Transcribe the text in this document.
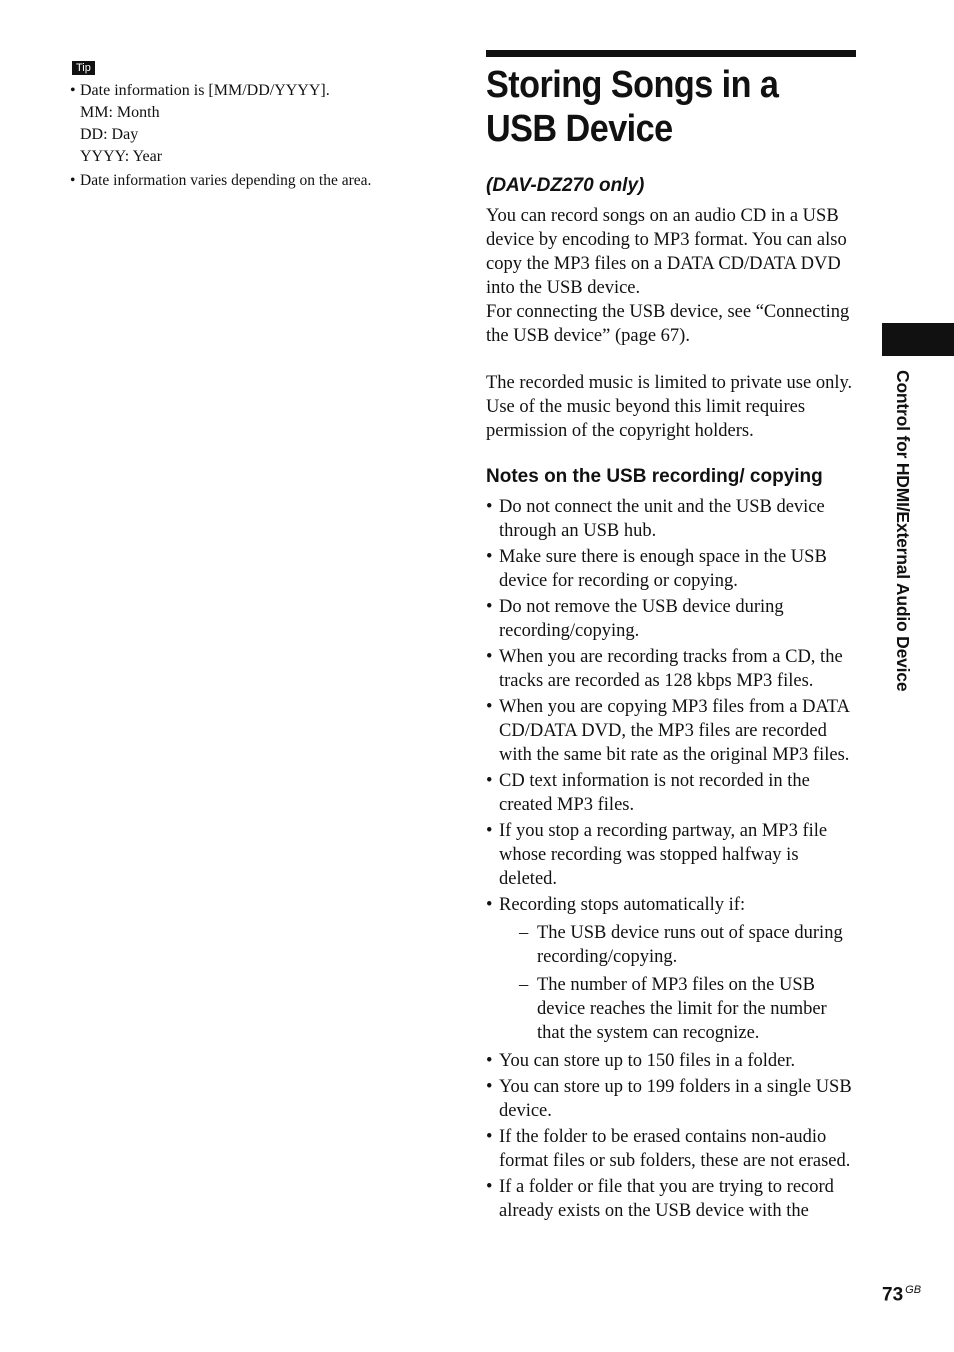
Tip
• Date information is [MM/DD/YYYY].
MM: Month
DD: Day
YYYY: Year
• Date information varies depending on the area.
Storing Songs in a USB Device
(DAV-DZ270 only)

You can record songs on an audio CD in a USB device by encoding to MP3 format. You can also copy the MP3 files on a DATA CD/DATA DVD into the USB device.

For connecting the USB device, see “Connecting the USB device” (page 67).

The recorded music is limited to private use only. Use of the music beyond this limit requires permission of the copyright holders.

Notes on the USB recording/ copying
• Do not connect the unit and the USB device through an USB hub.
• Make sure there is enough space in the USB device for recording or copying.
• Do not remove the USB device during recording/copying.
• When you are recording tracks from a CD, the tracks are recorded as 128 kbps MP3 files.
• When you are copying MP3 files from a DATA CD/DATA DVD, the MP3 files are recorded with the same bit rate as the original MP3 files.
• CD text information is not recorded in the created MP3 files.
• If you stop a recording partway, an MP3 file whose recording was stopped halfway is deleted.
• Recording stops automatically if:
– The USB device runs out of space during recording/copying.
– The number of MP3 files on the USB device reaches the limit for the number that the system can recognize.
• You can store up to 150 files in a folder.
• You can store up to 199 folders in a single USB device.
• If the folder to be erased contains non-audio format files or sub folders, these are not erased.
• If a folder or file that you are trying to record already exists on the USB device with the
Control for HDMI/External Audio Device
73 $^{GB}$
